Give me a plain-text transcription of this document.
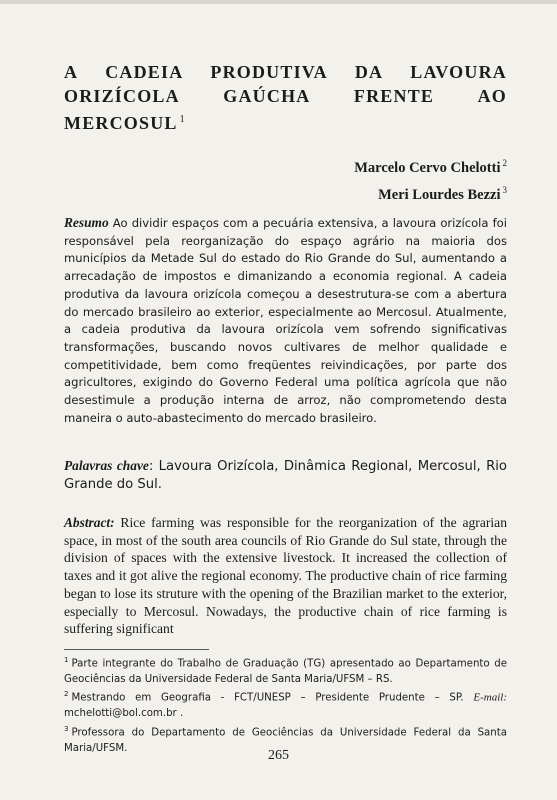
A CADEIA PRODUTIVA DA LAVOURA
ORIZÍCOLA GAÚCHA FRENTE AO
MERCOSUL $^1$
Marcelo Cervo Chelotti $^2$
Meri Lourdes Bezzi $^3$

Resumo Ao dividir espaços com a pecuária extensiva, a lavoura orizícola foi responsável pela reorganização do espaço agrário na maioria dos municípios da Metade Sul do estado do Rio Grande do Sul, aumentando a arrecadação de impostos e dimanizando a economia regional. A cadeia produtiva da lavoura orizícola começou a desestrutura-se com a abertura do mercado brasileiro ao exterior, especialmente ao Mercosul. Atualmente, a cadeia produtiva da lavoura orizícola vem sofrendo significativas transformações, buscando novos cultivares de melhor qualidade e competitividade, bem como freqüentes reivindicações, por parte dos agricultores, exigindo do Governo Federal uma política agrícola que não desestimule a produção interna de arroz, não comprometendo desta maneira o auto-abastecimento do mercado brasileiro.

Palavras chave: Lavoura Orizícola, Dinâmica Regional, Mercosul, Rio Grande do Sul.

Abstract: Rice farming was responsible for the reorganization of the agrarian space, in most of the south area councils of Rio Grande do Sul state, through the division of spaces with the extensive livestock. It increased the collection of taxes and it got alive the regional economy. The productive chain of rice farming began to lose its struture with the opening of the Brazilian market to the exterior, especially to Mercosul. Nowadays, the productive chain of rice farming is suffering significant

$^1$ Parte integrante do Trabalho de Graduação (TG) apresentado ao Departamento de Geociências da Universidade Federal de Santa Maria/UFSM – RS.

$^2$ Mestrando em Geografia - FCT/UNESP – Presidente Prudente – SP. E-mail: mchelotti@bol.com.br .

$^3$ Professora do Departamento de Geociências da Universidade Federal da Santa Maria/UFSM.	265
